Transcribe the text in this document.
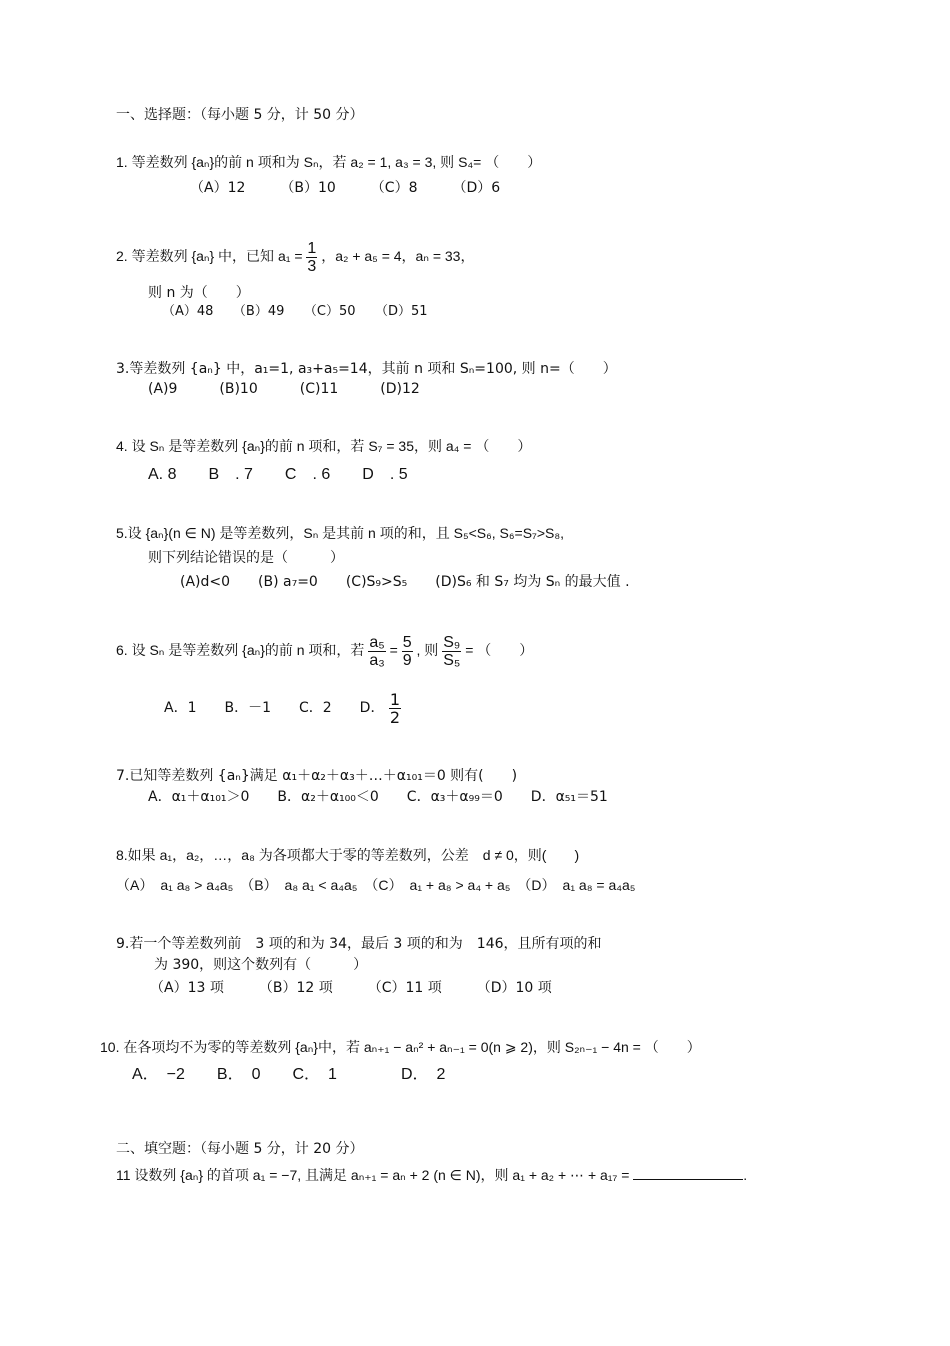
一、选择题：（每小题 5 分，计 50 分）
1. 等差数列 {aₙ}的前 n 项和为 Sₙ，若 a₂ = 1, a₃ = 3, 则 S₄= （　　）
（A）12　　　（B）10　　　（C）8　　　（D）6
2. 等差数列 {aₙ} 中，已知 $a_1 = \frac{1}{3}$ ，a₂ + a₅ = 4，aₙ = 33，
则 n 为（　　）
（A）48　　（B）49　　（C）50　　（D）51
3.等差数列 {aₙ} 中，a₁=1, a₃+a₅=14，其前 n 项和 Sₙ=100, 则 n=（　　）
(A)9　　　(B)10　　　(C)11　　　(D)12
4. 设 Sₙ 是等差数列 {aₙ}的前 n 项和，若 S₇ = 35，则 a₄ = （　　）
A. 8　　B　. 7　　C　. 6　　D　. 5
5.设 {aₙ}(n ∈ N) 是等差数列，Sₙ 是其前 n 项的和，且 S₅<S₆, S₆=S₇>S₈,
则下列结论错误的是（　　　）
(A)d<0　　(B) a₇=0　　(C)S₉>S₅　　(D)S₆ 和 S₇ 均为 Sₙ 的最大值 .
6. 设 Sₙ 是等差数列 {aₙ}的前 n 项和，若 $\frac{\text{a₅}}{\text{a₃}} = \frac{5}{9}$ , 则 $\frac{\text{S₉}}{\text{S₅}}$ = （　　）
A．1　　B．－1　　C．2　　D． $\frac{1}{2}$
7.已知等差数列 {aₙ}满足 α₁＋α₂＋α₃＋…＋α₁₀₁＝0 则有(　　)
A．α₁＋α₁₀₁＞0　　B．α₂＋α₁₀₀＜0　　C．α₃＋α₉₉＝0　　D．α₅₁＝51
8.如果 a₁，a₂，…，a₈ 为各项都大于零的等差数列，公差　d ≠ 0，则(　　)
（A）　a₁ a₈ > a₄a₅　（B）　a₈ a₁ < a₄a₅　（C）　a₁ + a₈ > a₄ + a₅　（D）　a₁ a₈ = a₄a₅
9.若一个等差数列前　3 项的和为 34，最后 3 项的和为　146，且所有项的和
为 390，则这个数列有（　　　）
（A）13 项　　　（B）12 项　　　（C）11 项　　　（D）10 项
10. 在各项均不为零的等差数列 {aₙ}中，若 aₙ₊₁ − aₙ² + aₙ₋₁ = 0(n ⩾ 2)，则 S₂ₙ₋₁ − 4n = （　　）
A．　−2　　B．　0　　C．　1　　　　D．　2
二、填空题：（每小题 5 分，计 20 分）
11 设数列 {aₙ} 的首项 a₁ = −7, 且满足 aₙ₊₁ = aₙ + 2 (n ∈ N)，则 a₁ + a₂ + ⋯ + a₁₇ =	.
